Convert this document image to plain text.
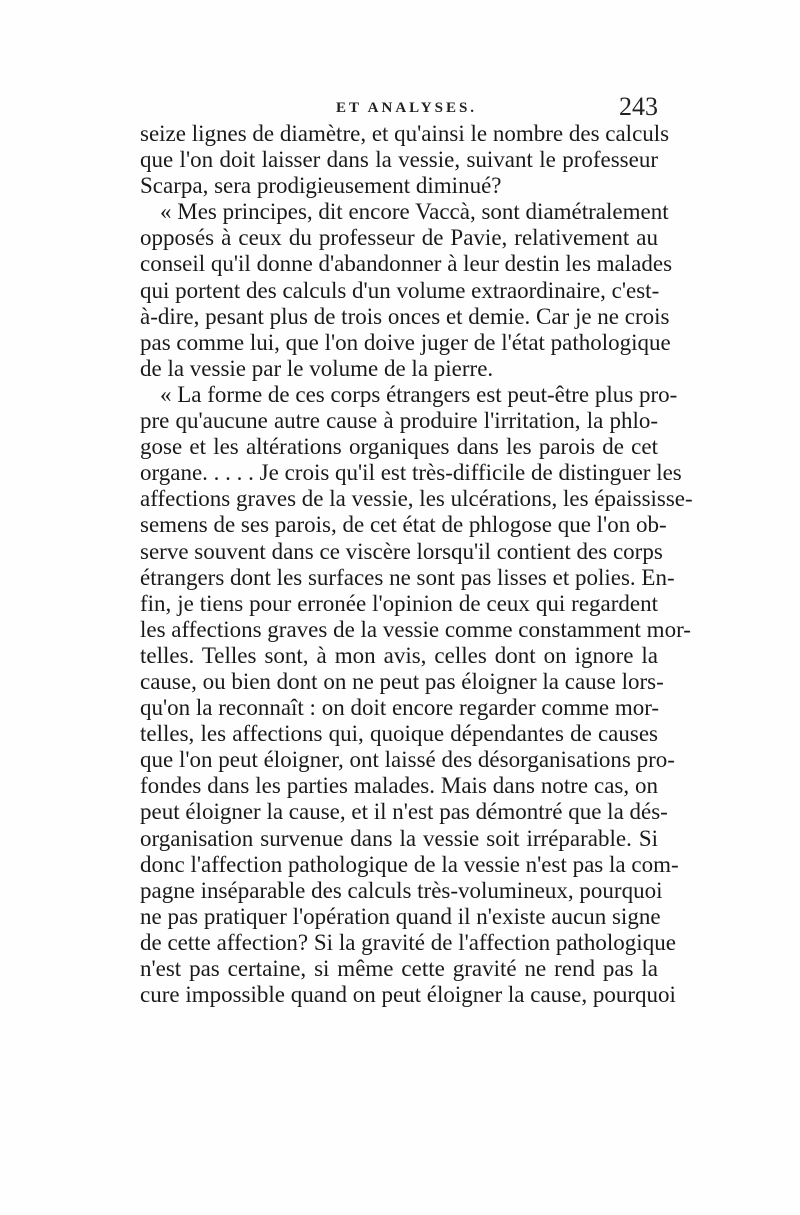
ET ANALYSES.	243
seize lignes de diamètre, et qu'ainsi le nombre des calculs
que l'on doit laisser dans la vessie, suivant le professeur
Scarpa, sera prodigieusement diminué?
« Mes principes, dit encore Vaccà, sont diamétralement
opposés à ceux du professeur de Pavie, relativement au
conseil qu'il donne d'abandonner à leur destin les malades
qui portent des calculs d'un volume extraordinaire, c'est-
à-dire, pesant plus de trois onces et demie. Car je ne crois
pas comme lui, que l'on doive juger de l'état pathologique
de la vessie par le volume de la pierre.
« La forme de ces corps étrangers est peut-être plus pro-
pre qu'aucune autre cause à produire l'irritation, la phlo-
gose et les altérations organiques dans les parois de cet
organe. . . . . Je crois qu'il est très-difficile de distinguer les
affections graves de la vessie, les ulcérations, les épaississe-
semens de ses parois, de cet état de phlogose que l'on ob-
serve souvent dans ce viscère lorsqu'il contient des corps
étrangers dont les surfaces ne sont pas lisses et polies. En-
fin, je tiens pour erronée l'opinion de ceux qui regardent
les affections graves de la vessie comme constamment mor-
telles. Telles sont, à mon avis, celles dont on ignore la
cause, ou bien dont on ne peut pas éloigner la cause lors-
qu'on la reconnaît : on doit encore regarder comme mor-
telles, les affections qui, quoique dépendantes de causes
que l'on peut éloigner, ont laissé des désorganisations pro-
fondes dans les parties malades. Mais dans notre cas, on
peut éloigner la cause, et il n'est pas démontré que la dés-
organisation survenue dans la vessie soit irréparable. Si
donc l'affection pathologique de la vessie n'est pas la com-
pagne inséparable des calculs très-volumineux, pourquoi
ne pas pratiquer l'opération quand il n'existe aucun signe
de cette affection? Si la gravité de l'affection pathologique
n'est pas certaine, si même cette gravité ne rend pas la
cure impossible quand on peut éloigner la cause, pourquoi
